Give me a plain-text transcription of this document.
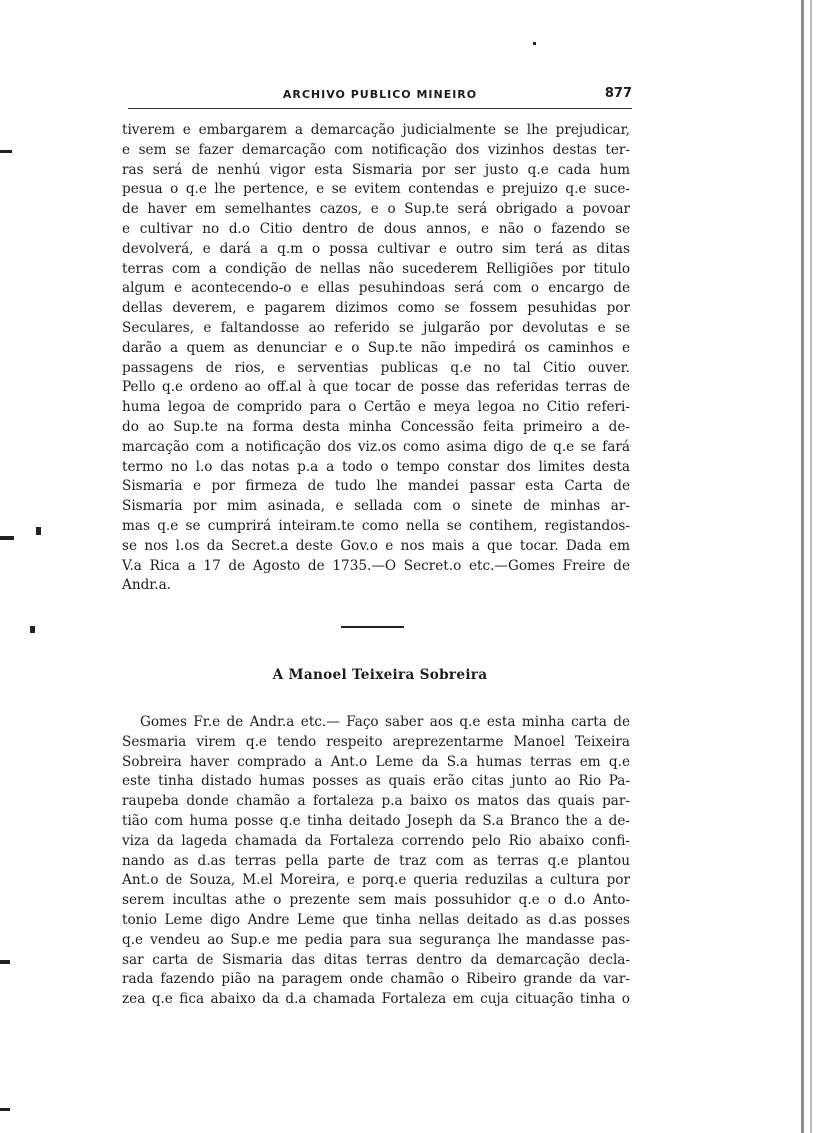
ARCHIVO PUBLICO MINEIRO	877
tiverem e embargarem a demarcação judicialmente se lhe prejudicar,
e sem se fazer demarcação com notificação dos vizinhos destas ter-
ras será de nenhú vigor esta Sismaria por ser justo q.e cada hum
pesua o q.e lhe pertence, e se evitem contendas e prejuizo q.e suce-
de haver em semelhantes cazos, e o Sup.te será obrigado a povoar
e cultivar no d.o Citio dentro de dous annos, e não o fazendo se
devolverá, e dará a q.m o possa cultivar e outro sim terá as ditas
terras com a condição de nellas não sucederem Relligiões por titulo
algum e acontecendo-o e ellas pesuhindoas será com o encargo de
dellas deverem, e pagarem dizimos como se fossem pesuhidas por
Seculares, e faltandosse ao referido se julgarão por devolutas e se
darão a quem as denunciar e o Sup.te não impedirá os caminhos e
passagens de rios, e serventias publicas q.e no tal Citio ouver.
Pello q.e ordeno ao off.al à que tocar de posse das referidas terras de
huma legoa de comprido para o Certão e meya legoa no Citio referi-
do ao Sup.te na forma desta minha Concessão feita primeiro a de-
marcação com a notificação dos viz.os como asima digo de q.e se fará
termo no l.o das notas p.a a todo o tempo constar dos limites desta
Sismaria e por firmeza de tudo lhe mandei passar esta Carta de
Sismaria por mim asinada, e sellada com o sinete de minhas ar-
mas q.e se cumprirá inteiram.te como nella se contihem, registandos-
se nos l.os da Secret.a deste Gov.o e nos mais a que tocar. Dada em
V.a Rica a 17 de Agosto de 1735.—O Secret.o etc.—Gomes Freire de
Andr.a.
A Manoel Teixeira Sobreira
Gomes Fr.e de Andr.a etc.— Faço saber aos q.e esta minha carta de
Sesmaria virem q.e tendo respeito areprezentarme Manoel Teixeira
Sobreira haver comprado a Ant.o Leme da S.a humas terras em q.e
este tinha distado humas posses as quais erão citas junto ao Rio Pa-
raupeba donde chamão a fortaleza p.a baixo os matos das quais par-
tião com huma posse q.e tinha deitado Joseph da S.a Branco the a de-
viza da lageda chamada da Fortaleza correndo pelo Rio abaixo confi-
nando as d.as terras pella parte de traz com as terras q.e plantou
Ant.o de Souza, M.el Moreira, e porq.e queria reduzilas a cultura por
serem incultas athe o prezente sem mais possuhidor q.e o d.o Anto-
tonio Leme digo Andre Leme que tinha nellas deitado as d.as posses
q.e vendeu ao Sup.e me pedia para sua segurança lhe mandasse pas-
sar carta de Sismaria das ditas terras dentro da demarcação decla-
rada fazendo pião na paragem onde chamão o Ribeiro grande da var-
zea q.e fica abaixo da d.a chamada Fortaleza em cuja cituação tinha o
